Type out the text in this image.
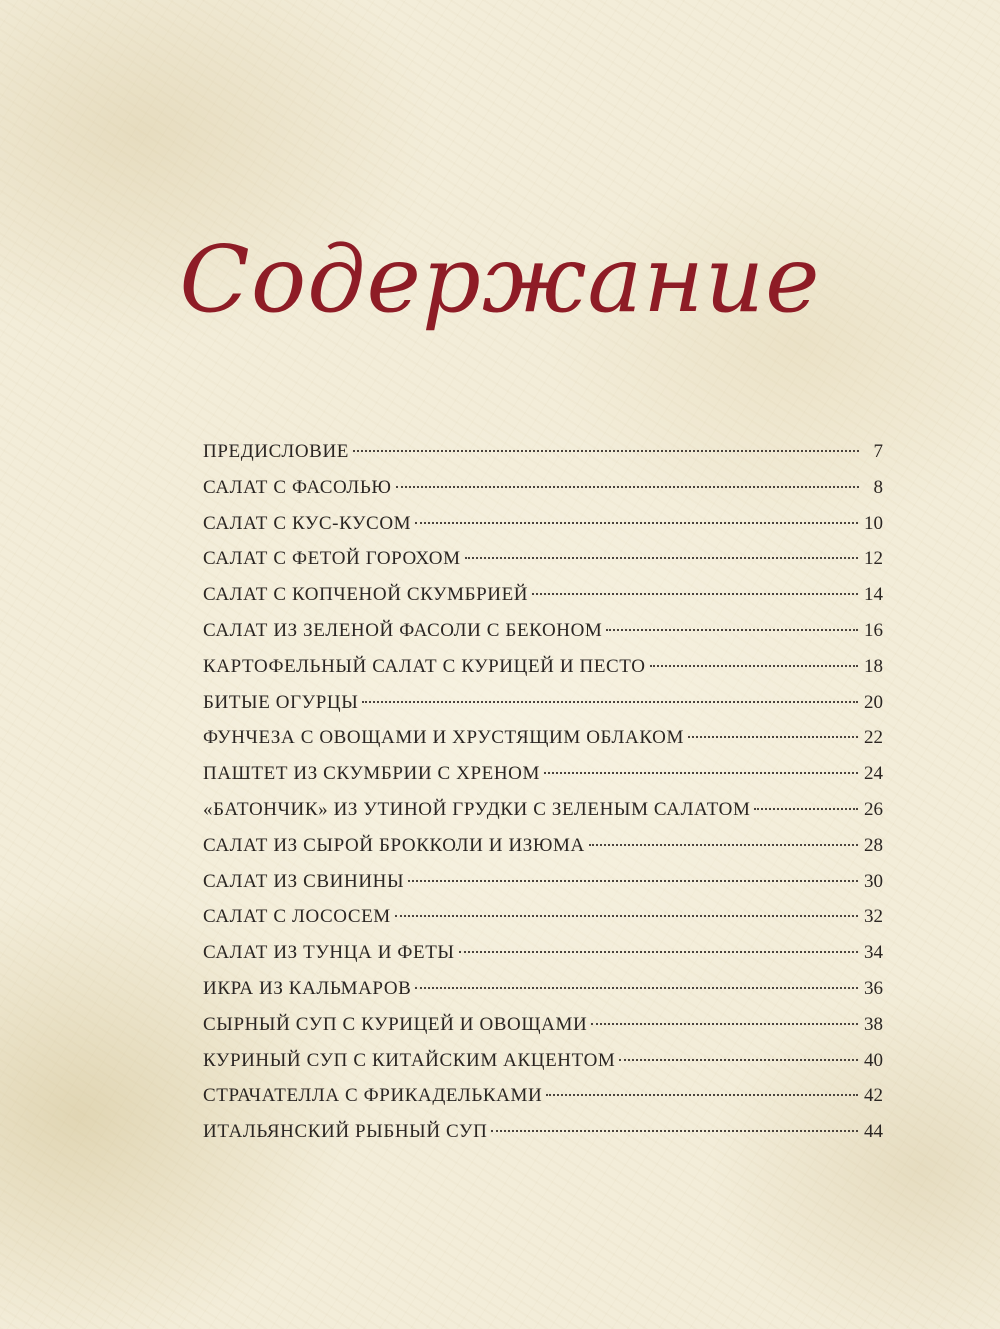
Содержание
ПРЕДИСЛОВИЕ	7
САЛАТ С ФАСОЛЬЮ	8
САЛАТ С КУС-КУСОМ	10
САЛАТ С ФЕТОЙ ГОРОХОМ	12
САЛАТ С КОПЧЕНОЙ СКУМБРИЕЙ	14
САЛАТ ИЗ ЗЕЛЕНОЙ ФАСОЛИ С БЕКОНОМ	16
КАРТОФЕЛЬНЫЙ САЛАТ С КУРИЦЕЙ И ПЕСТО	18
БИТЫЕ ОГУРЦЫ	20
ФУНЧЕЗА С ОВОЩАМИ И ХРУСТЯЩИМ ОБЛАКОМ	22
ПАШТЕТ ИЗ СКУМБРИИ С ХРЕНОМ	24
«БАТОНЧИК» ИЗ УТИНОЙ ГРУДКИ С ЗЕЛЕНЫМ САЛАТОМ	26
САЛАТ ИЗ СЫРОЙ БРОККОЛИ И ИЗЮМА	28
САЛАТ ИЗ СВИНИНЫ	30
САЛАТ С ЛОСОСЕМ	32
САЛАТ ИЗ ТУНЦА И ФЕТЫ	34
ИКРА ИЗ КАЛЬМАРОВ	36
СЫРНЫЙ СУП С КУРИЦЕЙ И ОВОЩАМИ	38
КУРИНЫЙ СУП С КИТАЙСКИМ АКЦЕНТОМ	40
СТРАЧАТЕЛЛА С ФРИКАДЕЛЬКАМИ	42
ИТАЛЬЯНСКИЙ РЫБНЫЙ СУП	44
